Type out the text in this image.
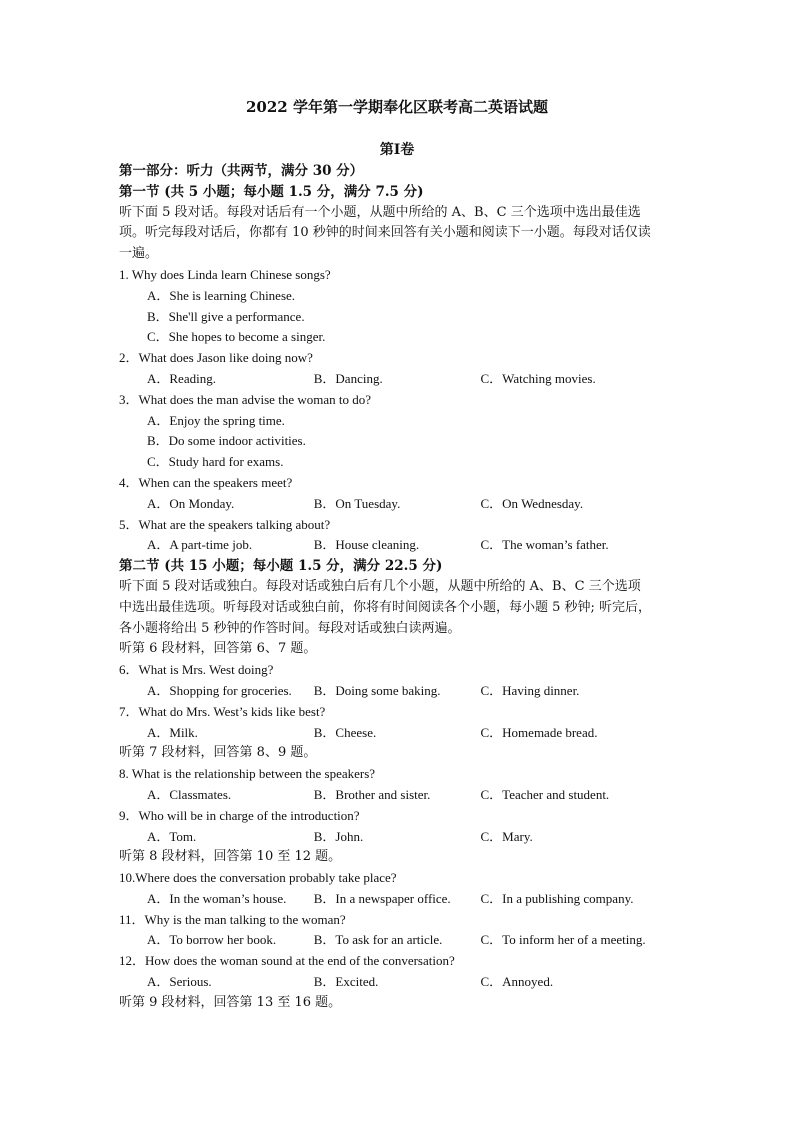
2022 学年第一学期奉化区联考高二英语试题
第Ⅰ卷
第一部分：听力（共两节，满分 30 分）
第一节 (共 5 小题；每小题 1.5 分，满分 7.5 分)
听下面 5 段对话。每段对话后有一个小题，从题中所给的 A、B、C 三个选项中选出最佳选
项。听完每段对话后，你都有 10 秒钟的时间来回答有关小题和阅读下一小题。每段对话仅读
一遍。
1. Why does Linda learn Chinese songs?
A．She is learning Chinese.
B．She'll give a performance.
C．She hopes to become a singer.
2．What does Jason like doing now?
A．Reading.	B．Dancing.	C．Watching movies.
3．What does the man advise the woman to do?
A．Enjoy the spring time.
B．Do some indoor activities.
C．Study hard for exams.
4．When can the speakers meet?
A．On Monday.	B．On Tuesday.	C．On Wednesday.
5．What are the speakers talking about?
A．A part-time job.	B．House cleaning.	C．The woman’s father.
第二节 (共 15 小题；每小题 1.5 分，满分 22.5 分)
听下面 5 段对话或独白。每段对话或独白后有几个小题，从题中所给的 A、B、C 三个选项
中选出最佳选项。听每段对话或独白前，你将有时间阅读各个小题，每小题 5 秒钟; 听完后，
各小题将给出 5 秒钟的作答时间。每段对话或独白读两遍。
听第 6 段材料，回答第 6、7 题。
6．What is Mrs. West doing?
A．Shopping for groceries.	B．Doing some baking.	C．Having dinner.
7．What do Mrs. West’s kids like best?
A．Milk.	B．Cheese.	C．Homemade bread.
听第 7 段材料，回答第 8、9 题。
8. What is the relationship between the speakers?
A．Classmates.	B．Brother and sister.	C．Teacher and student.
9．Who will be in charge of the introduction?
A．Tom.	B．John.	C．Mary.
听第 8 段材料，回答第 10 至 12 题。
10.Where does the conversation probably take place?
A．In the woman’s house.	B．In a newspaper office.	C．In a publishing company.
11．Why is the man talking to the woman?
A．To borrow her book.	B．To ask for an article.	C．To inform her of a meeting.
12．How does the woman sound at the end of the conversation?
A．Serious.	B．Excited.	C．Annoyed.
听第 9 段材料，回答第 13 至 16 题。
